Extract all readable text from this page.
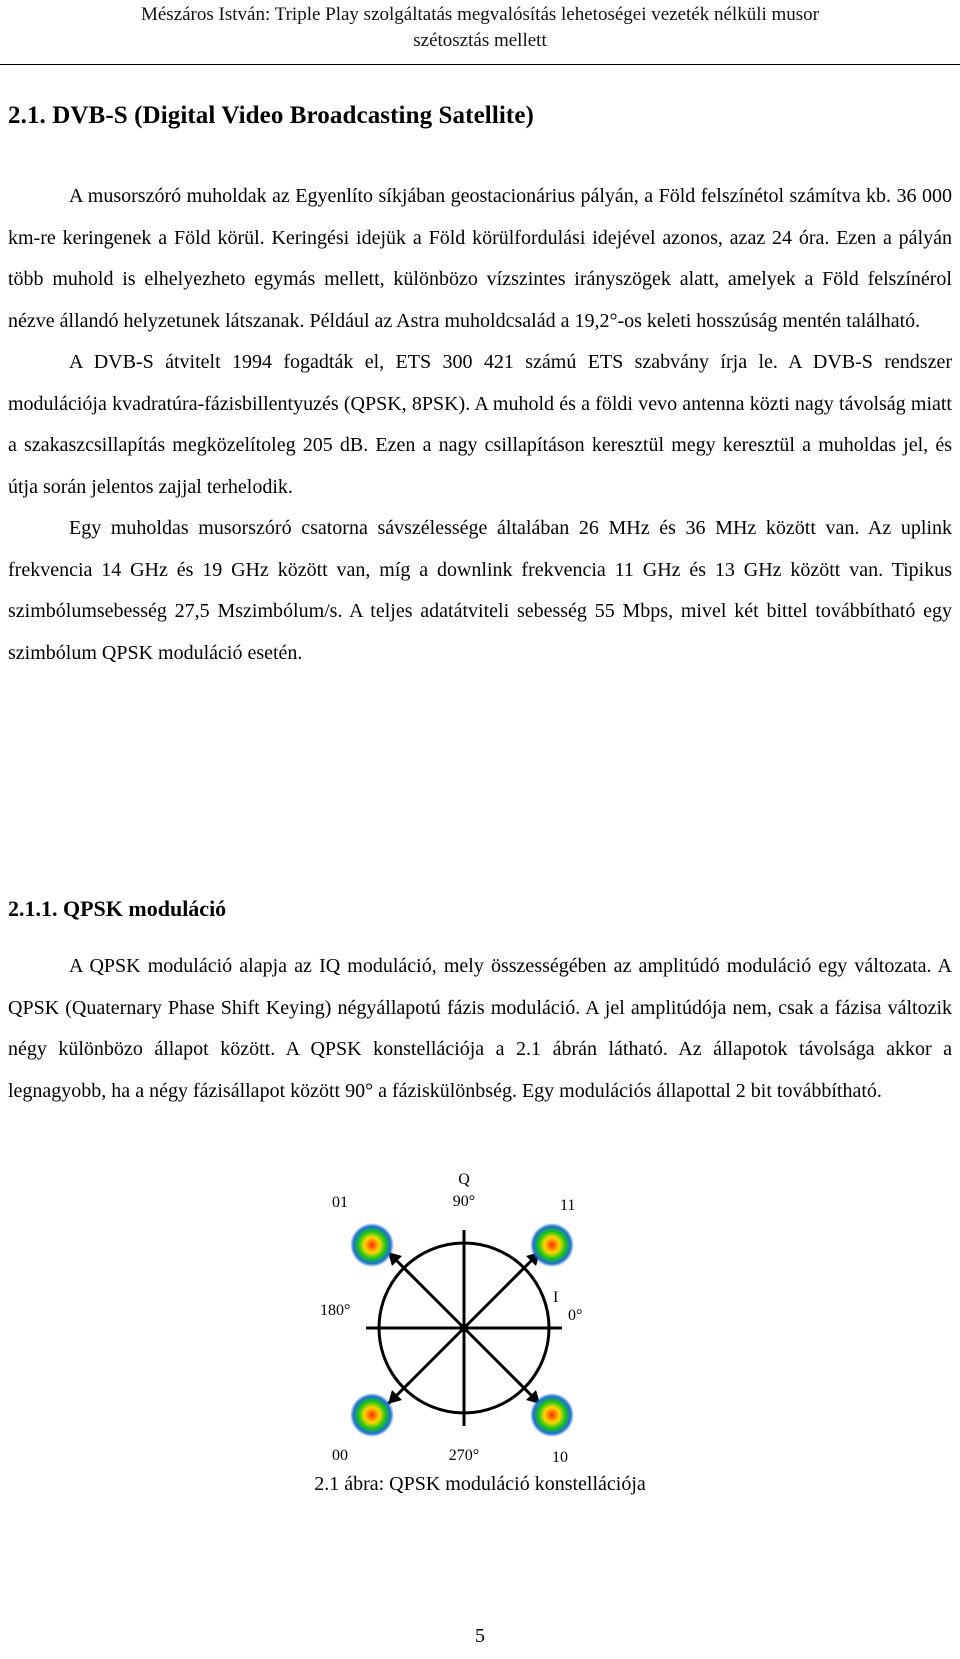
Mészáros István: Triple Play szolgáltatás megvalósítás lehetoségei vezeték nélküli musor
szétosztás mellett
2.1. DVB-S (Digital Video Broadcasting Satellite)

A musorszóró muholdak az Egyenlíto síkjában geostacionárius pályán, a Föld felszínétol számítva kb. 36 000 km-re keringenek a Föld körül. Keringési idejük a Föld körülfordulási idejével azonos, azaz 24 óra. Ezen a pályán több muhold is elhelyezheto egymás mellett, különbözo vízszintes irányszögek alatt, amelyek a Föld felszínérol nézve állandó helyzetunek látszanak. Például az Astra muholdcsalád a 19,2°-os keleti hosszúság mentén található.

A DVB-S átvitelt 1994 fogadták el, ETS 300 421 számú ETS szabvány írja le. A DVB-S rendszer modulációja kvadratúra-fázisbillentyuzés (QPSK, 8PSK). A muhold és a földi vevo antenna közti nagy távolság miatt a szakaszcsillapítás megközelítoleg 205 dB. Ezen a nagy csillapításon keresztül megy keresztül a muholdas jel, és útja során jelentos zajjal terhelodik.

Egy muholdas musorszóró csatorna sávszélessége általában 26 MHz és 36 MHz között van. Az uplink frekvencia 14 GHz és 19 GHz között van, míg a downlink frekvencia 11 GHz és 13 GHz között van. Tipikus szimbólumsebesség 27,5 Mszimbólum/s. A teljes adatátviteli sebesség 55 Mbps, mivel két bittel továbbítható egy szimbólum QPSK moduláció esetén.

2.1.1. QPSK moduláció

A QPSK moduláció alapja az IQ moduláció, mely összességében az amplitúdó moduláció egy változata. A QPSK (Quaternary Phase Shift Keying) négyállapotú fázis moduláció. A jel amplitúdója nem, csak a fázisa változik négy különbözo állapot között. A QPSK konstellációja a 2.1 ábrán látható. Az állapotok távolsága akkor a legnagyobb, ha a négy fázisállapot között 90° a fáziskülönbség. Egy modulációs állapottal 2 bit továbbítható.

Q
90°
180°
I
0°
270°
01	11
00	10
2.1 ábra: QPSK moduláció konstellációja
5
